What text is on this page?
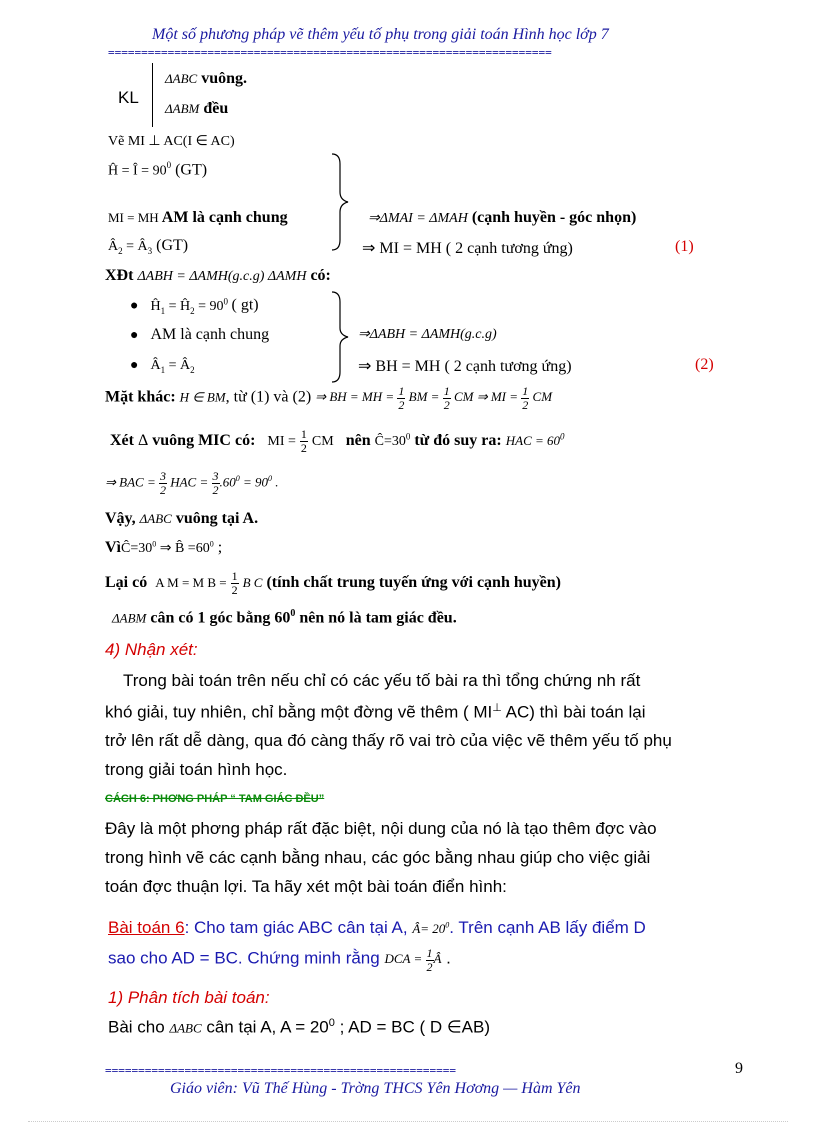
Một số phương pháp vẽ thêm yếu tố phụ trong giải toán Hình học lớp 7
===================================================================
KL
ΔABC vuông.
ΔABM đều
Vẽ MI ⊥ AC(I ∈ AC)
Ĥ = Î = $90^0$ (GT)
MI = MH AM là cạnh chung	⇒ΔMAI = ΔMAH (cạnh huyền - góc nhọn)
$Â_2$ = $Â_3$ (GT)	⇒ MI = MH ( 2 cạnh tương ứng)	(1)
XĐt ΔABH = ΔAMH(g.c.g) ΔAMH có:
● $Ĥ_1$ = $Ĥ_2 = 90^0$ ( gt)
● AM là cạnh chung
● $Â_1$ = $Â_2$
⇒ΔABH = ΔAMH(g.c.g)
⇒ BH = MH ( 2 cạnh tương ứng)	(2)
Mặt khác: H ∈ BM, từ (1) và (2) ⇒ BH = MH = $\frac{1}{2}$ BM = $\frac{1}{2}$ CM ⇒ MI = $\frac{1}{2}$ CM
Xét Δ vuông MIC có: MI = $\frac{1}{2}$ CM nên $Ĉ=30^0$ từ đó suy ra: HAC = $60^0$
⇒ BAC = $\frac{3}{2}$ HAC = $\frac{3}{2} .60^0 = 90^0$ .
Vậy, ΔABC vuông tại A.
$VìĈ=30^0$ ⇒ B̂ $=60^0$ ;
Lại có A M = M $B = \frac{1}{2}$ B C (tính chất trung tuyến ứng với cạnh huyền)
ΔABM cân có 1 góc bằng $60^0$ nên nó là tam giác đều.
4) Nhận xét:
Trong bài toán trên nếu chỉ có các yếu tố bài ra thì tổng chứng nh rất
khó giải, tuy nhiên, chỉ bằng một đờng vẽ thêm ( MI⊥ AC) thì bài toán lại
trở lên rất dễ dàng, qua đó càng thấy rõ vai trò của việc vẽ thêm yếu tố phụ
trong giải toán hình học.
CÁCH 6: PHƠNG PHÁP “ TAM GIÁC ĐỀU”
Đây là một phơng pháp rất đặc biệt, nội dung của nó là tạo thêm đợc vào
trong hình vẽ các cạnh bằng nhau, các góc bằng nhau giúp cho việc giải
toán đợc thuận lợi. Ta hãy xét một bài toán điển hình:
Bài toán 6: Cho tam giác ABC cân tại A, Â= $20^0$. Trên cạnh AB lấy điểm D
sao cho AD = BC. Chứng minh rằng DCA = $\frac{1}{2}$ Â .
1) Phân tích bài toán:
Bài cho ΔABC cân tại A, $A = 20^0$ ; AD = BC ( D ∈AB)
=====================================================	9
Giáo viên: Vũ Thế Hùng - Trờng THCS Yên Hơơng — Hàm Yên
